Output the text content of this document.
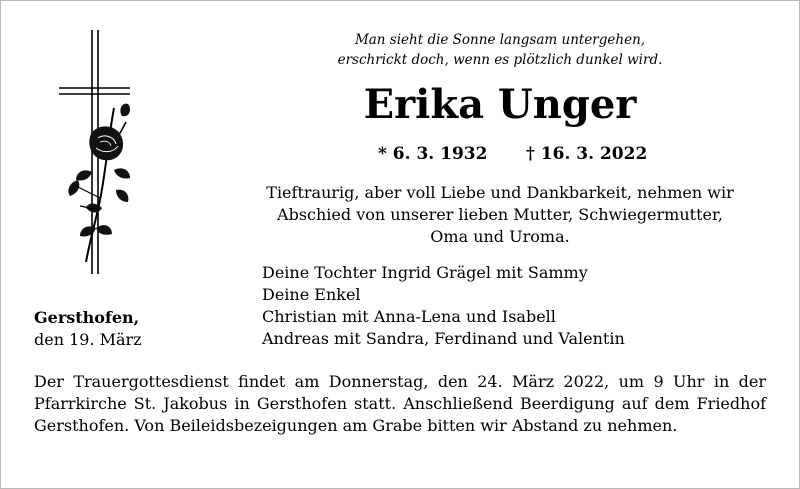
Man sieht die Sonne langsam untergehen,
erschrickt doch, wenn es plötzlich dunkel wird.
Erika Unger
* 6. 3. 1932 † 16. 3. 2022
Tieftraurig, aber voll Liebe und Dankbarkeit, nehmen wir
Abschied von unserer lieben Mutter, Schwiegermutter,
Oma und Uroma.
Deine Tochter Ingrid Grägel mit Sammy
Deine Enkel
Christian mit Anna-Lena und Isabell
Andreas mit Sandra, Ferdinand und Valentin
Gersthofen,
den 19. März
Der Trauergottesdienst findet am Donnerstag, den 24. März 2022, um 9 Uhr in der Pfarrkirche St. Jakobus in Gersthofen statt. Anschließend Beerdigung auf dem Friedhof Gersthofen. Von Beileidsbezeigungen am Grabe bitten wir Abstand zu nehmen.
